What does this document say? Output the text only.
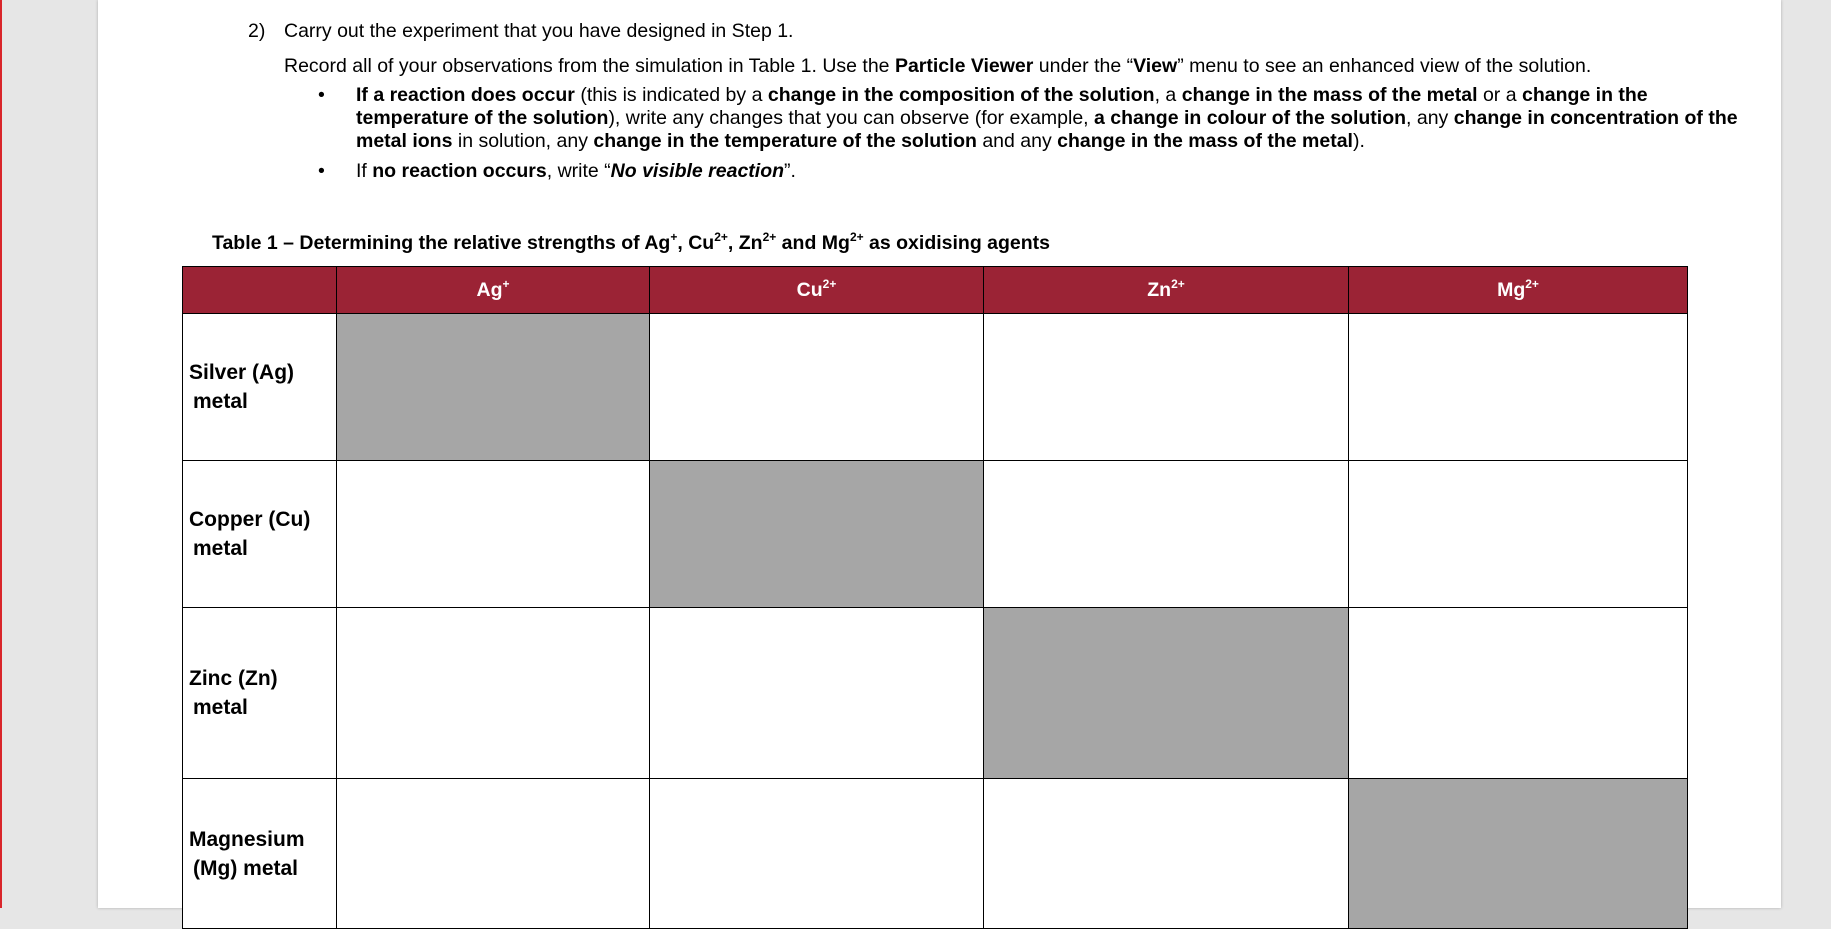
2) Carry out the experiment that you have designed in Step 1.
Record all of your observations from the simulation in Table 1. Use the Particle Viewer under the “View” menu to see an enhanced view of the solution.
• If a reaction does occur (this is indicated by a change in the composition of the solution, a change in the mass of the metal or a change in the temperature of the solution), write any changes that you can observe (for example, a change in colour of the solution, any change in concentration of the metal ions in solution, any change in the temperature of the solution and any change in the mass of the metal).
• If no reaction occurs, write “No visible reaction”.
Table 1 – Determining the relative strengths of Ag+, $Cu^{2+}$, $Zn^{2+}$ and $Mg^{2+}$ as oxidising agents
	Ag+	$Cu^{2+}$	$Zn^{2+}$	$Mg^{2+}$
Silver (Ag)
metal				

Copper (Cu)
metal				

Zinc (Zn)
metal				

Magnesium
(Mg) metal				
